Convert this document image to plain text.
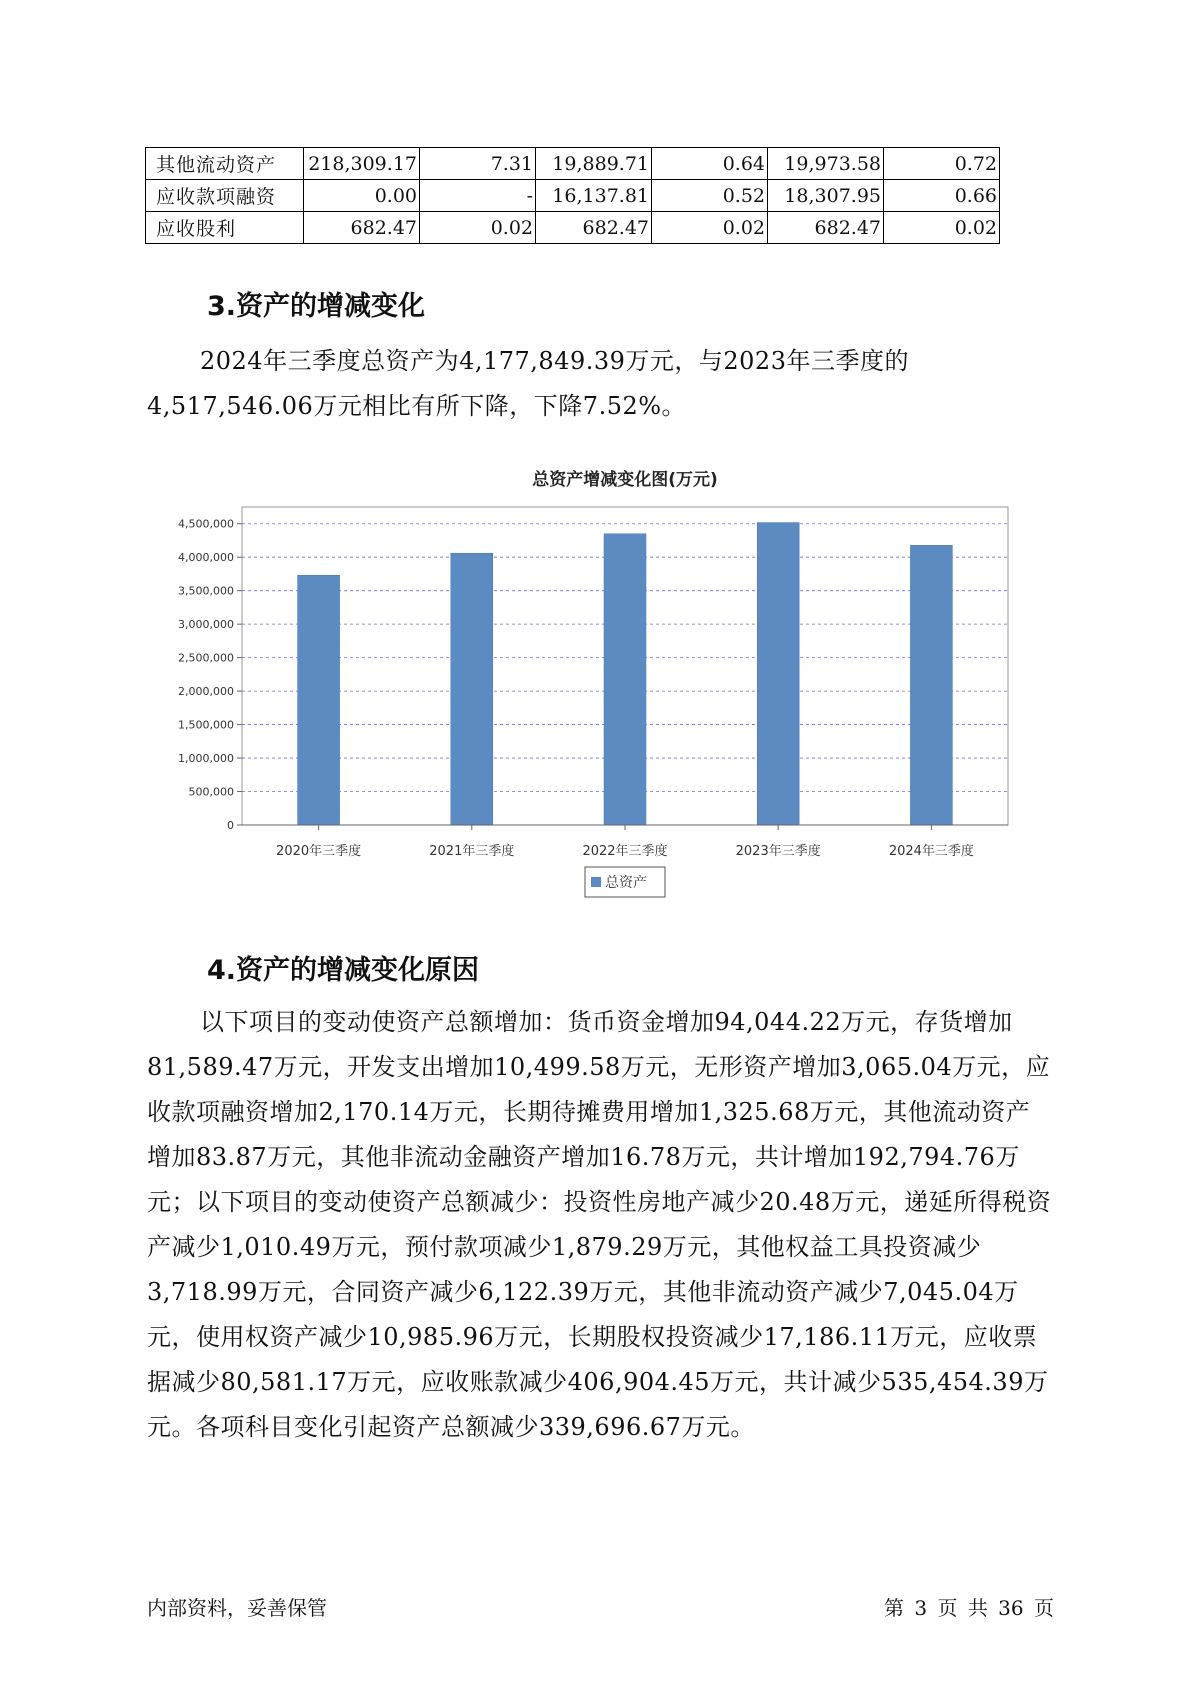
其他流动资产	218,309.17	7.31	19,889.71	0.64	19,973.58	0.72
应收款项融资	0.00	-	16,137.81	0.52	18,307.95	0.66
应收股利	682.47	0.02	682.47	0.02	682.47	0.02
3.资产的增减变化

2024年三季度总资产为4,177,849.39万元，与2023年三季度的4,517,546.06万元相比有所下降，下降7.52%。

总资产增减变化图(万元)
0
500,000
1,000,000
1,500,000
2,000,000
2,500,000
3,000,000
3,500,000
4,000,000
4,500,000
2020年三季度	2021年三季度	2022年三季度	2023年三季度	2024年三季度
总资产
4.资产的增减变化原因

以下项目的变动使资产总额增加：货币资金增加94,044.22万元，存货增加81,589.47万元，开发支出增加10,499.58万元，无形资产增加3,065.04万元，应收款项融资增加2,170.14万元，长期待摊费用增加1,325.68万元，其他流动资产增加83.87万元，其他非流动金融资产增加16.78万元，共计增加192,794.76万元；以下项目的变动使资产总额减少：投资性房地产减少20.48万元，递延所得税资产减少1,010.49万元，预付款项减少1,879.29万元，其他权益工具投资减少3,718.99万元，合同资产减少6,122.39万元，其他非流动资产减少7,045.04万元，使用权资产减少10,985.96万元，长期股权投资减少17,186.11万元，应收票据减少80,581.17万元，应收账款减少406,904.45万元，共计减少535,454.39万元。各项科目变化引起资产总额减少339,696.67万元。

内部资料，妥善保管	第 3 页 共 36 页
